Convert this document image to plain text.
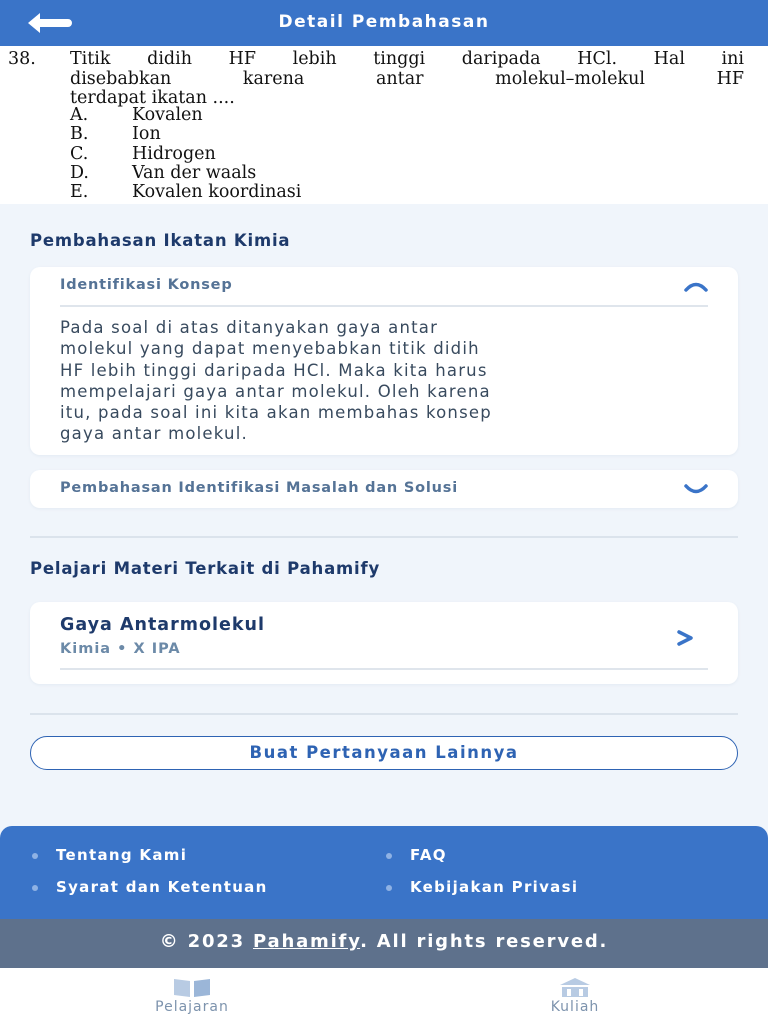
Detail Pembahasan
38. Titik didih HF lebih tinggi daripada HCl. Hal ini
disebabkan karena antar molekul–molekul HF
terdapat ikatan ....
A.	Kovalen
B. Ion
C. Hidrogen
D. Van der waals
E. Kovalen koordinasi
Pembahasan Ikatan Kimia
Identifikasi Konsep
Pada soal di atas ditanyakan gaya antar
molekul yang dapat menyebabkan titik didih
HF lebih tinggi daripada HCl. Maka kita harus
mempelajari gaya antar molekul. Oleh karena
itu, pada soal ini kita akan membahas konsep
gaya antar molekul.
Pembahasan Identifikasi Masalah dan Solusi
Pelajari Materi Terkait di Pahamify
Gaya Antarmolekul
Kimia • X IPA
Buat Pertanyaan Lainnya
Tentang Kami	FAQ
Syarat dan Ketentuan	Kebijakan Privasi
© 2023 Pahamify. All rights reserved.
Pelajaran	Kuliah
